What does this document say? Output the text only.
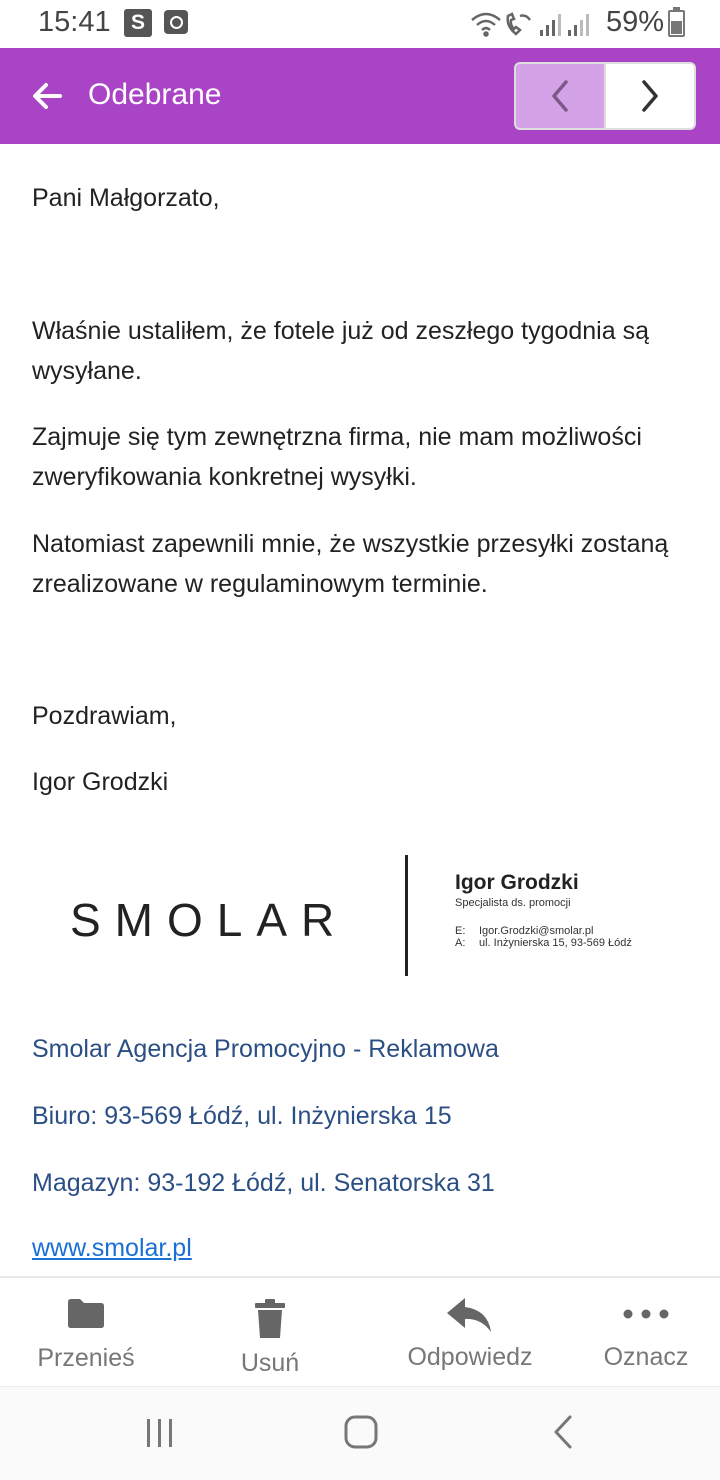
15:41 S	59%
Odebrane

Pani Małgorzato,

Właśnie ustaliłem, że fotele już od zeszłego tygodnia są wysyłane.

Zajmuje się tym zewnętrzna firma, nie mam możliwości zweryfikowania konkretnej wysyłki.

Natomiast zapewnili mnie, że wszystkie przesyłki zostaną zrealizowane w regulaminowym terminie.

Pozdrawiam,

Igor Grodzki

SMOLAR
Igor Grodzki
Specjalista ds. promocji
E: Igor.Grodzki@smolar.pl
A: ul. Inżynierska 15, 93-569 Łódź
Smolar Agencja Promocyjno - Reklamowa
Biuro: 93-569 Łódź, ul. Inżynierska 15
Magazyn: 93-192 Łódź, ul. Senatorska 31
www.smolar.pl
Przenieś	Usuń	Odpowiedz	Oznacz
